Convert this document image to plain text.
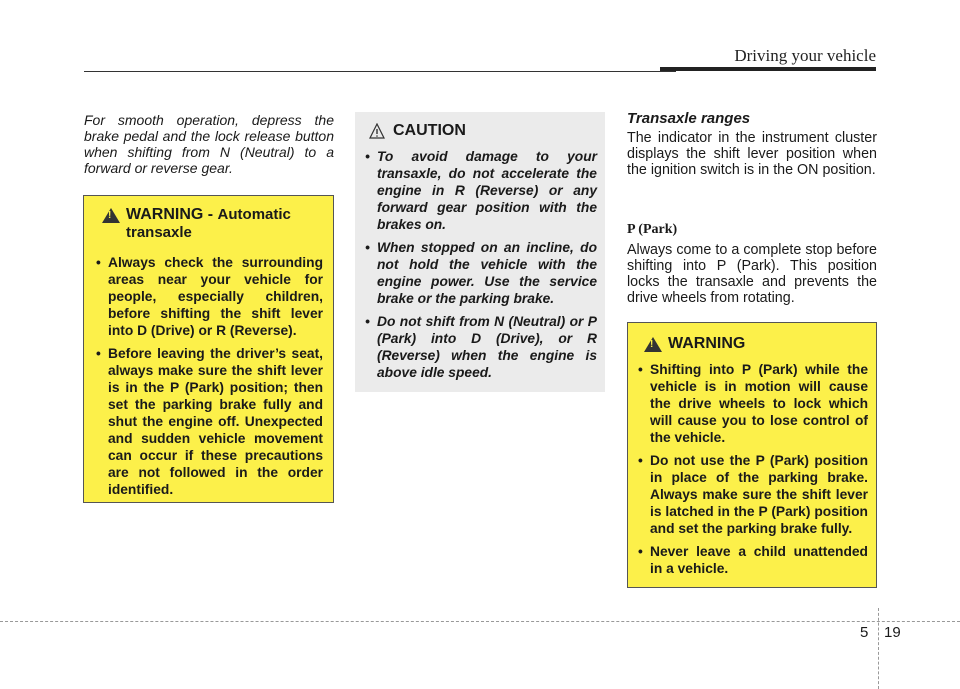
Driving your vehicle
For smooth operation, depress the brake pedal and the lock release button when shifting from N (Neutral) to a forward or reverse gear.
!
WARNING - Automatic transaxle
• Always check the surrounding areas near your vehicle for people, especially children, before shifting the shift lever into D (Drive) or R (Reverse).
• Before leaving the driver’s seat, always make sure the shift lever is in the P (Park) position; then set the parking brake fully and shut the engine off. Unexpected and sudden vehicle movement can occur if these precautions are not followed in the order identified.
CAUTION
• To avoid damage to your transaxle, do not accelerate the engine in R (Reverse) or any forward gear position with the brakes on.
• When stopped on an incline, do not hold the vehicle with the engine power. Use the service brake or the parking brake.
• Do not shift from N (Neutral) or P (Park) into D (Drive), or R (Reverse) when the engine is above idle speed.
Transaxle ranges
The indicator in the instrument cluster displays the shift lever position when the ignition switch is in the ON position.
P (Park)
Always come to a complete stop before shifting into P (Park). This position locks the transaxle and prevents the drive wheels from rotating.
!
WARNING
• Shifting into P (Park) while the vehicle is in motion will cause the drive wheels to lock which will cause you to lose control of the vehicle.
• Do not use the P (Park) position in place of the parking brake. Always make sure the shift lever is latched in the P (Park) position and set the parking brake fully.
• Never leave a child unattended in a vehicle.
5 19
